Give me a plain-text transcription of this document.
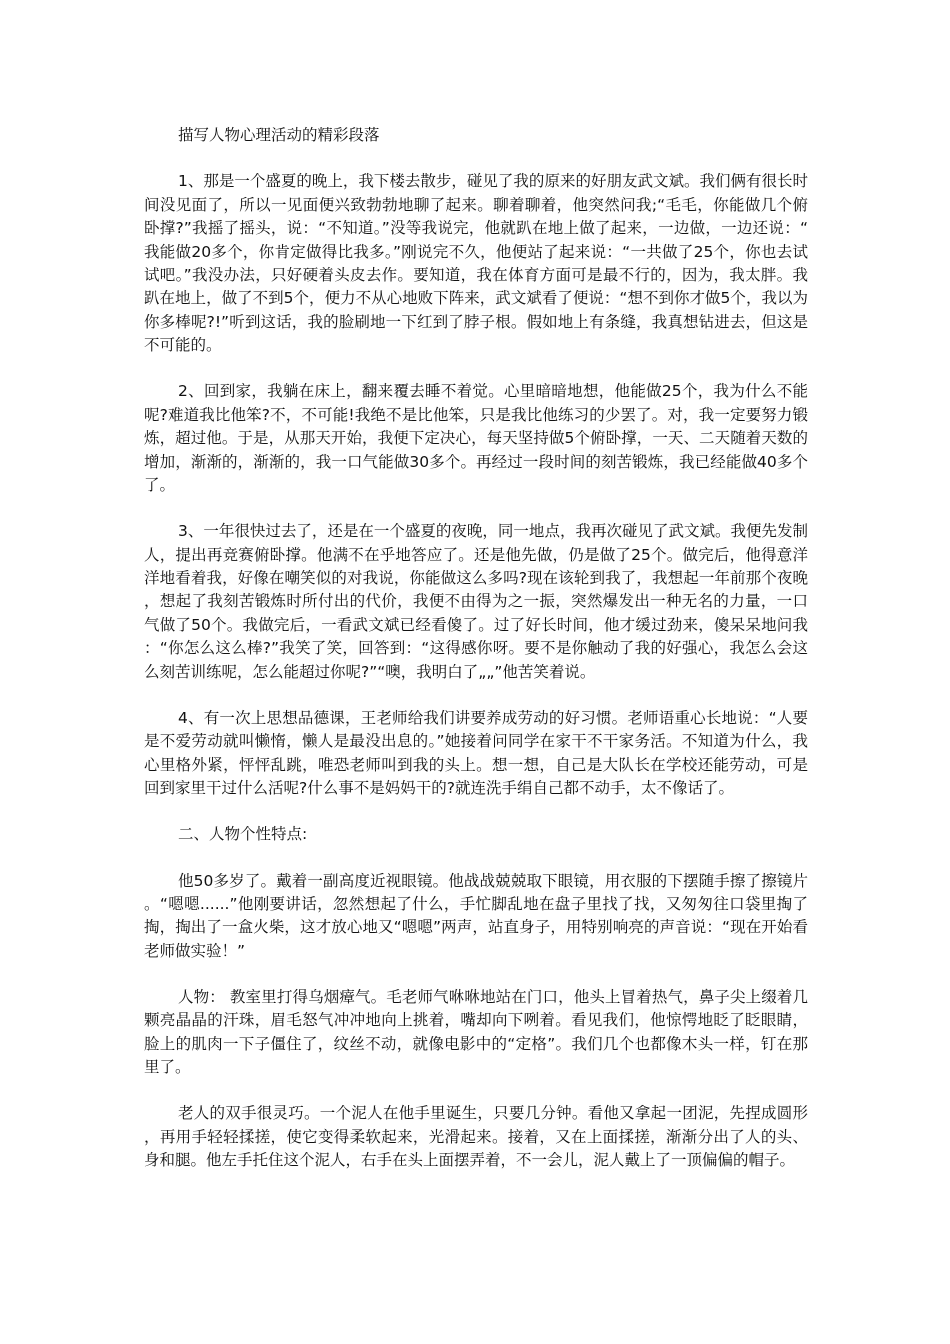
描写人物心理活动的精彩段落

1、那是一个盛夏的晚上，我下楼去散步，碰见了我的原来的好朋友武文斌。我们俩有很长时间没见面了，所以一见面便兴致勃勃地聊了起来。聊着聊着，他突然问我;“毛毛，你能做几个俯卧撑?”我摇了摇头，说：“不知道。”没等我说完，他就趴在地上做了起来，一边做，一边还说：“我能做20多个，你肯定做得比我多。”刚说完不久，他便站了起来说：“一共做了25个，你也去试试吧。”我没办法，只好硬着头皮去作。要知道，我在体育方面可是最不行的，因为，我太胖。我趴在地上，做了不到5个，便力不从心地败下阵来，武文斌看了便说：“想不到你才做5个，我以为你多棒呢?!”听到这话，我的脸刷地一下红到了脖子根。假如地上有条缝，我真想钻进去，但这是不可能的。

2、回到家，我躺在床上，翻来覆去睡不着觉。心里暗暗地想，他能做25个，我为什么不能呢?难道我比他笨?不，不可能!我绝不是比他笨，只是我比他练习的少罢了。对，我一定要努力锻炼，超过他。于是，从那天开始，我便下定决心，每天坚持做5个俯卧撑，一天、二天随着天数的增加，渐渐的，渐渐的，我一口气能做30多个。再经过一段时间的刻苦锻炼，我已经能做40多个了。

3、一年很快过去了，还是在一个盛夏的夜晚，同一地点，我再次碰见了武文斌。我便先发制人，提出再竞赛俯卧撑。他满不在乎地答应了。还是他先做，仍是做了25个。做完后，他得意洋洋地看着我，好像在嘲笑似的对我说，你能做这么多吗?现在该轮到我了，我想起一年前那个夜晚，想起了我刻苦锻炼时所付出的代价，我便不由得为之一振，突然爆发出一种无名的力量，一口气做了50个。我做完后，一看武文斌已经看傻了。过了好长时间，他才缓过劲来，傻呆呆地问我：“你怎么这么棒?”我笑了笑，回答到：“这得感你呀。要不是你触动了我的好强心，我怎么会这么刻苦训练呢，怎么能超过你呢?”“噢，我明白了„„”他苦笑着说。

4、有一次上思想品德课，王老师给我们讲要养成劳动的好习惯。老师语重心长地说：“人要是不爱劳动就叫懒惰，懒人是最没出息的。”她接着问同学在家干不干家务活。不知道为什么，我心里格外紧，怦怦乱跳，唯恐老师叫到我的头上。想一想，自己是大队长在学校还能劳动，可是回到家里干过什么活呢?什么事不是妈妈干的?就连洗手绢自己都不动手，太不像话了。

二、人物个性特点:

他50多岁了。戴着一副高度近视眼镜。他战战兢兢取下眼镜，用衣服的下摆随手擦了擦镜片。“嗯嗯......”他刚要讲话，忽然想起了什么，手忙脚乱地在盘子里找了找，又匆匆往口袋里掏了掏，掏出了一盒火柴，这才放心地又“嗯嗯”两声，站直身子，用特别响亮的声音说：“现在开始看老师做实验！”

人物： 教室里打得乌烟瘴气。毛老师气咻咻地站在门口，他头上冒着热气，鼻子尖上缀着几颗亮晶晶的汗珠，眉毛怒气冲冲地向上挑着，嘴却向下咧着。看见我们，他惊愕地眨了眨眼睛，脸上的肌肉一下子僵住了，纹丝不动，就像电影中的“定格”。我们几个也都像木头一样，钉在那里了。

老人的双手很灵巧。一个泥人在他手里诞生，只要几分钟。看他又拿起一团泥，先捏成圆形，再用手轻轻揉搓，使它变得柔软起来，光滑起来。接着，又在上面揉搓，渐渐分出了人的头、身和腿。他左手托住这个泥人，右手在头上面摆弄着，不一会儿，泥人戴上了一顶偏偏的帽子。
